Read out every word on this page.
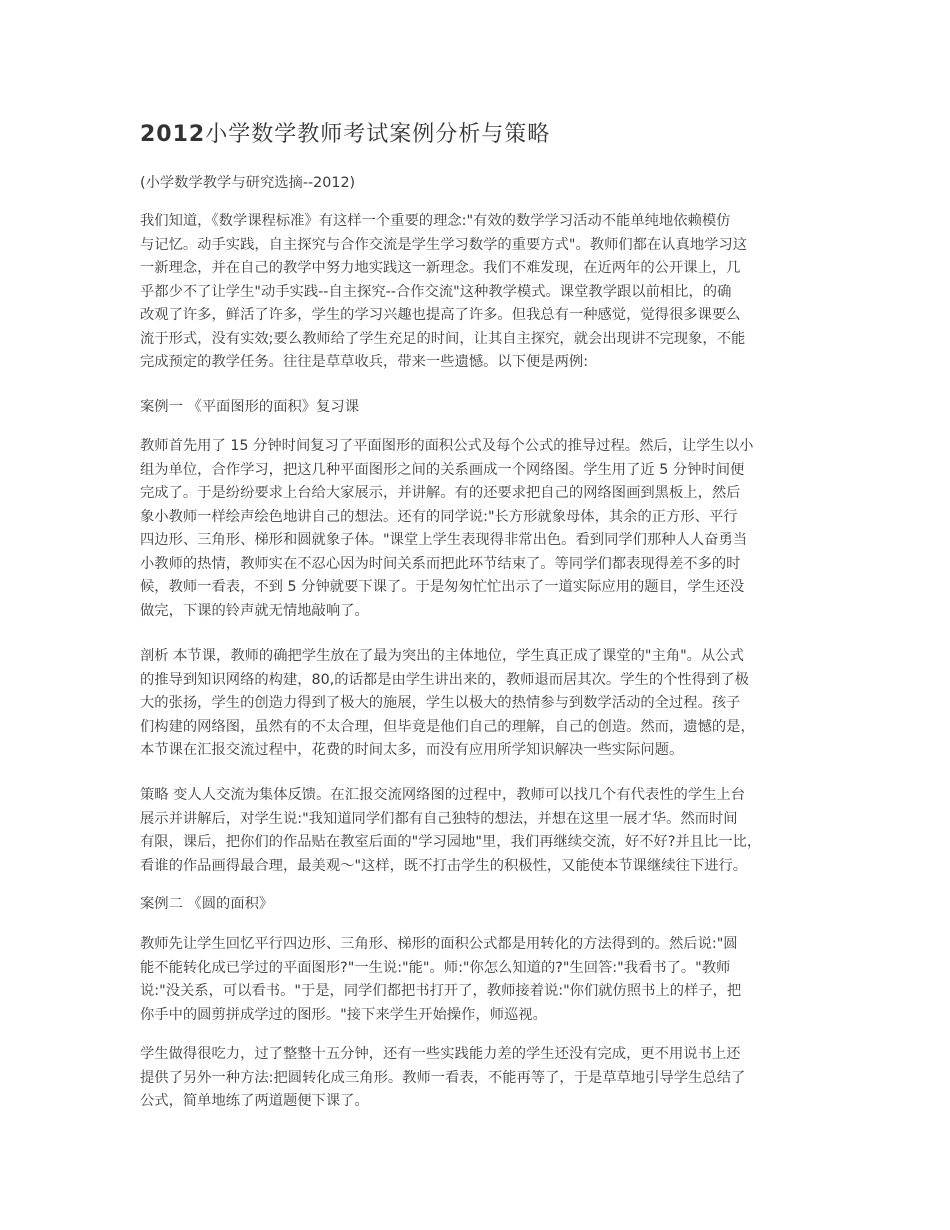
2012小学数学教师考试案例分析与策略

(小学数学教学与研究选摘--2012)

我们知道，《数学课程标准》有这样一个重要的理念:"有效的数学学习活动不能单纯地依赖模仿
与记忆。动手实践，自主探究与合作交流是学生学习数学的重要方式"。教师们都在认真地学习这
一新理念，并在自己的教学中努力地实践这一新理念。我们不难发现，在近两年的公开课上，几
乎都少不了让学生"动手实践--自主探究--合作交流"这种教学模式。课堂教学跟以前相比，的确
改观了许多，鲜活了许多，学生的学习兴趣也提高了许多。但我总有一种感觉，觉得很多课要么
流于形式，没有实效;要么教师给了学生充足的时间，让其自主探究，就会出现讲不完现象，不能
完成预定的教学任务。往往是草草收兵，带来一些遗憾。以下便是两例:

案例一 《平面图形的面积》复习课

教师首先用了 15 分钟时间复习了平面图形的面积公式及每个公式的推导过程。然后，让学生以小
组为单位，合作学习，把这几种平面图形之间的关系画成一个网络图。学生用了近 5 分钟时间便
完成了。于是纷纷要求上台给大家展示，并讲解。有的还要求把自己的网络图画到黑板上，然后
象小教师一样绘声绘色地讲自己的想法。还有的同学说:"长方形就象母体，其余的正方形、平行
四边形、三角形、梯形和圆就象子体。"课堂上学生表现得非常出色。看到同学们那种人人奋勇当
小教师的热情，教师实在不忍心因为时间关系而把此环节结束了。等同学们都表现得差不多的时
候，教师一看表，不到 5 分钟就要下课了。于是匆匆忙忙出示了一道实际应用的题目，学生还没
做完，下课的铃声就无情地敲响了。

剖析 本节课，教师的确把学生放在了最为突出的主体地位，学生真正成了课堂的"主角"。从公式
的推导到知识网络的构建，80,的话都是由学生讲出来的，教师退而居其次。学生的个性得到了极
大的张扬，学生的创造力得到了极大的施展，学生以极大的热情参与到数学活动的全过程。孩子
们构建的网络图，虽然有的不太合理，但毕竟是他们自己的理解，自己的创造。然而，遗憾的是，
本节课在汇报交流过程中，花费的时间太多，而没有应用所学知识解决一些实际问题。

策略 变人人交流为集体反馈。在汇报交流网络图的过程中，教师可以找几个有代表性的学生上台
展示并讲解后，对学生说:"我知道同学们都有自己独特的想法，并想在这里一展才华。然而时间
有限，课后，把你们的作品贴在教室后面的"学习园地"里，我们再继续交流，好不好?并且比一比，
看谁的作品画得最合理，最美观～"这样，既不打击学生的积极性，又能使本节课继续往下进行。

案例二 《圆的面积》

教师先让学生回忆平行四边形、三角形、梯形的面积公式都是用转化的方法得到的。然后说:"圆
能不能转化成已学过的平面图形?"一生说:"能"。师:"你怎么知道的?"生回答:"我看书了。"教师
说:"没关系，可以看书。"于是，同学们都把书打开了，教师接着说:"你们就仿照书上的样子，把
你手中的圆剪拼成学过的图形。"接下来学生开始操作，师巡视。

学生做得很吃力，过了整整十五分钟，还有一些实践能力差的学生还没有完成，更不用说书上还
提供了另外一种方法:把圆转化成三角形。教师一看表，不能再等了，于是草草地引导学生总结了
公式，简单地练了两道题便下课了。
